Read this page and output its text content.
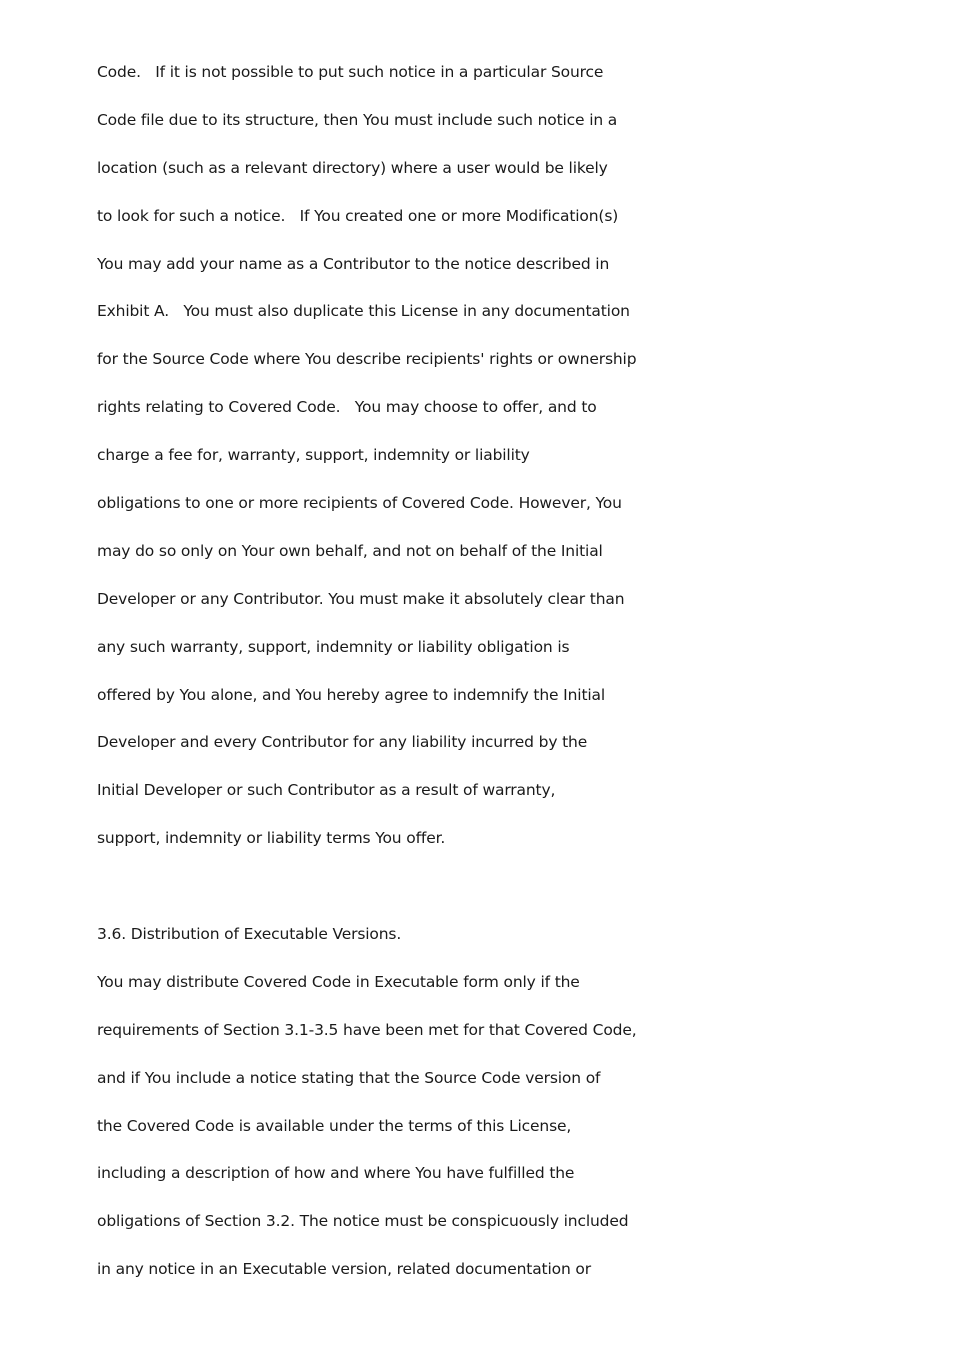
Code.   If it is not possible to put such notice in a particular Source
Code file due to its structure, then You must include such notice in a
location (such as a relevant directory) where a user would be likely
to look for such a notice.   If You created one or more Modification(s)
You may add your name as a Contributor to the notice described in
Exhibit A.   You must also duplicate this License in any documentation
for the Source Code where You describe recipients' rights or ownership
rights relating to Covered Code.   You may choose to offer, and to
charge a fee for, warranty, support, indemnity or liability
obligations to one or more recipients of Covered Code. However, You
may do so only on Your own behalf, and not on behalf of the Initial
Developer or any Contributor. You must make it absolutely clear than
any such warranty, support, indemnity or liability obligation is
offered by You alone, and You hereby agree to indemnify the Initial
Developer and every Contributor for any liability incurred by the
Initial Developer or such Contributor as a result of warranty,
support, indemnity or liability terms You offer.
3.6. Distribution of Executable Versions.
You may distribute Covered Code in Executable form only if the
requirements of Section 3.1-3.5 have been met for that Covered Code,
and if You include a notice stating that the Source Code version of
the Covered Code is available under the terms of this License,
including a description of how and where You have fulfilled the
obligations of Section 3.2. The notice must be conspicuously included
in any notice in an Executable version, related documentation or
